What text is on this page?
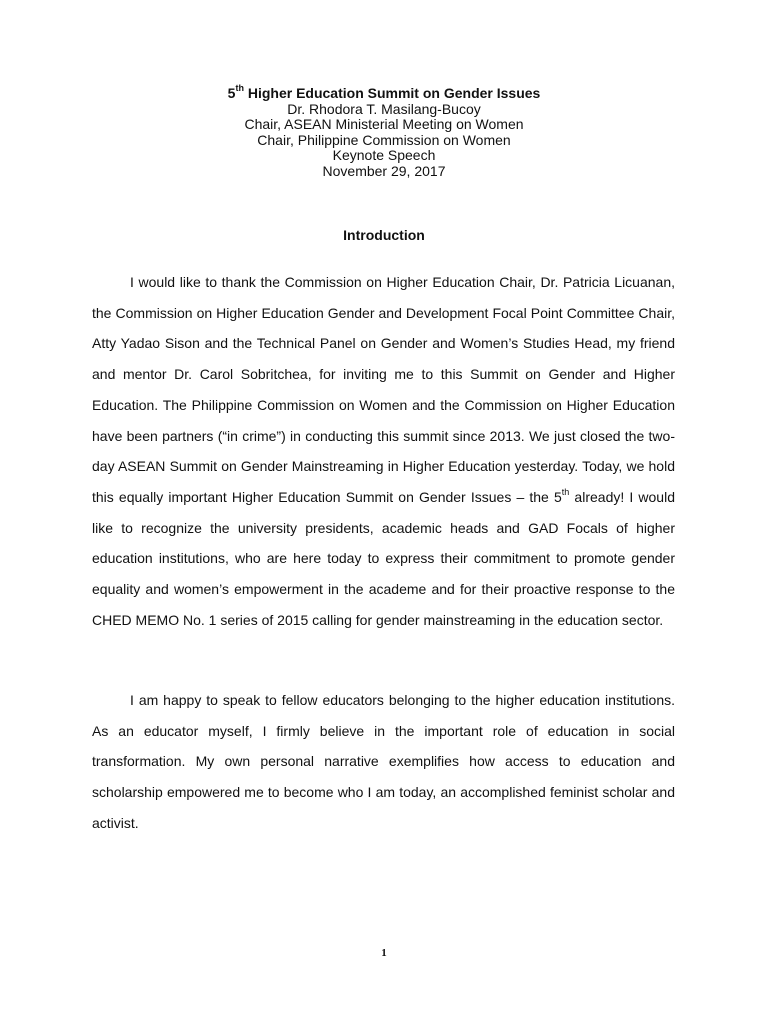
5th Higher Education Summit on Gender Issues
Dr. Rhodora T. Masilang-Bucoy
Chair, ASEAN Ministerial Meeting on Women
Chair, Philippine Commission on Women
Keynote Speech
November 29, 2017
Introduction

I would like to thank the Commission on Higher Education Chair, Dr. Patricia Licuanan, the Commission on Higher Education Gender and Development Focal Point Committee Chair, Atty Yadao Sison and the Technical Panel on Gender and Women’s Studies Head, my friend and mentor Dr. Carol Sobritchea, for inviting me to this Summit on Gender and Higher Education. The Philippine Commission on Women and the Commission on Higher Education have been partners (“in crime”) in conducting this summit since 2013. We just closed the two-day ASEAN Summit on Gender Mainstreaming in Higher Education yesterday. Today, we hold this equally important Higher Education Summit on Gender Issues – the 5th already! I would like to recognize the university presidents, academic heads and GAD Focals of higher education institutions, who are here today to express their commitment to promote gender equality and women’s empowerment in the academe and for their proactive response to the CHED MEMO No. 1 series of 2015 calling for gender mainstreaming in the education sector.

I am happy to speak to fellow educators belonging to the higher education institutions. As an educator myself, I firmly believe in the important role of education in social transformation. My own personal narrative exemplifies how access to education and scholarship empowered me to become who I am today, an accomplished feminist scholar and activist.

1
